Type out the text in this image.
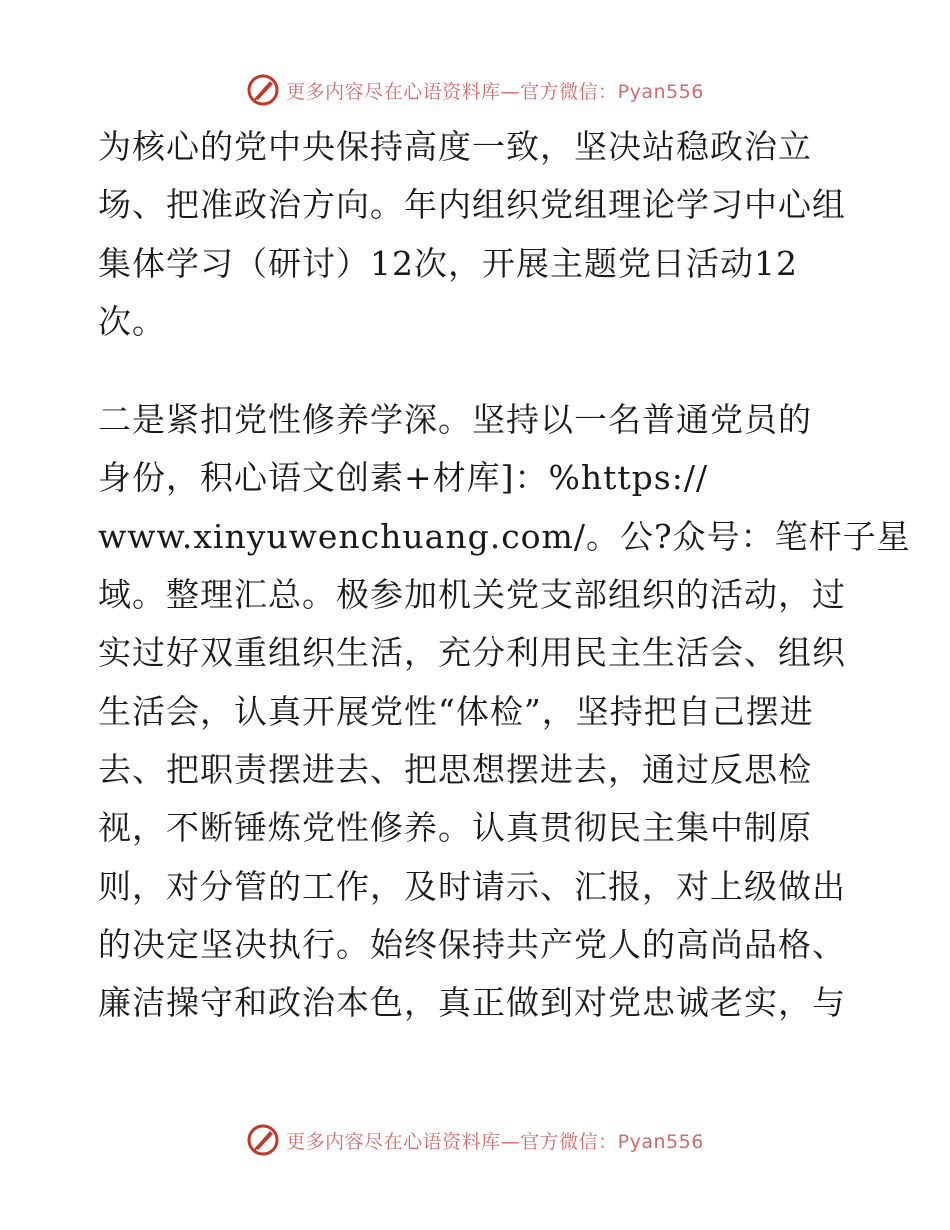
更多内容尽在心语资料库—官方微信：Pyan556
为核心的党中央保持高度一致，坚决站稳政治立
场、把准政治方向。年内组织党组理论学习中心组
集体学习（研讨）12次，开展主题党日活动12
次。
二是紧扣党性修养学深。坚持以一名普通党员的
身份，积心语文创素+材库]：%https://
www.xinyuwenchuang.com/。公?众号：笔杆子星
域。整理汇总。极参加机关党支部组织的活动，过
实过好双重组织生活，充分利用民主生活会、组织
生活会，认真开展党性“体检”，坚持把自己摆进
去、把职责摆进去、把思想摆进去，通过反思检
视，不断锤炼党性修养。认真贯彻民主集中制原
则，对分管的工作，及时请示、汇报，对上级做出
的决定坚决执行。始终保持共产党人的高尚品格、
廉洁操守和政治本色，真正做到对党忠诚老实，与
更多内容尽在心语资料库—官方微信：Pyan556
